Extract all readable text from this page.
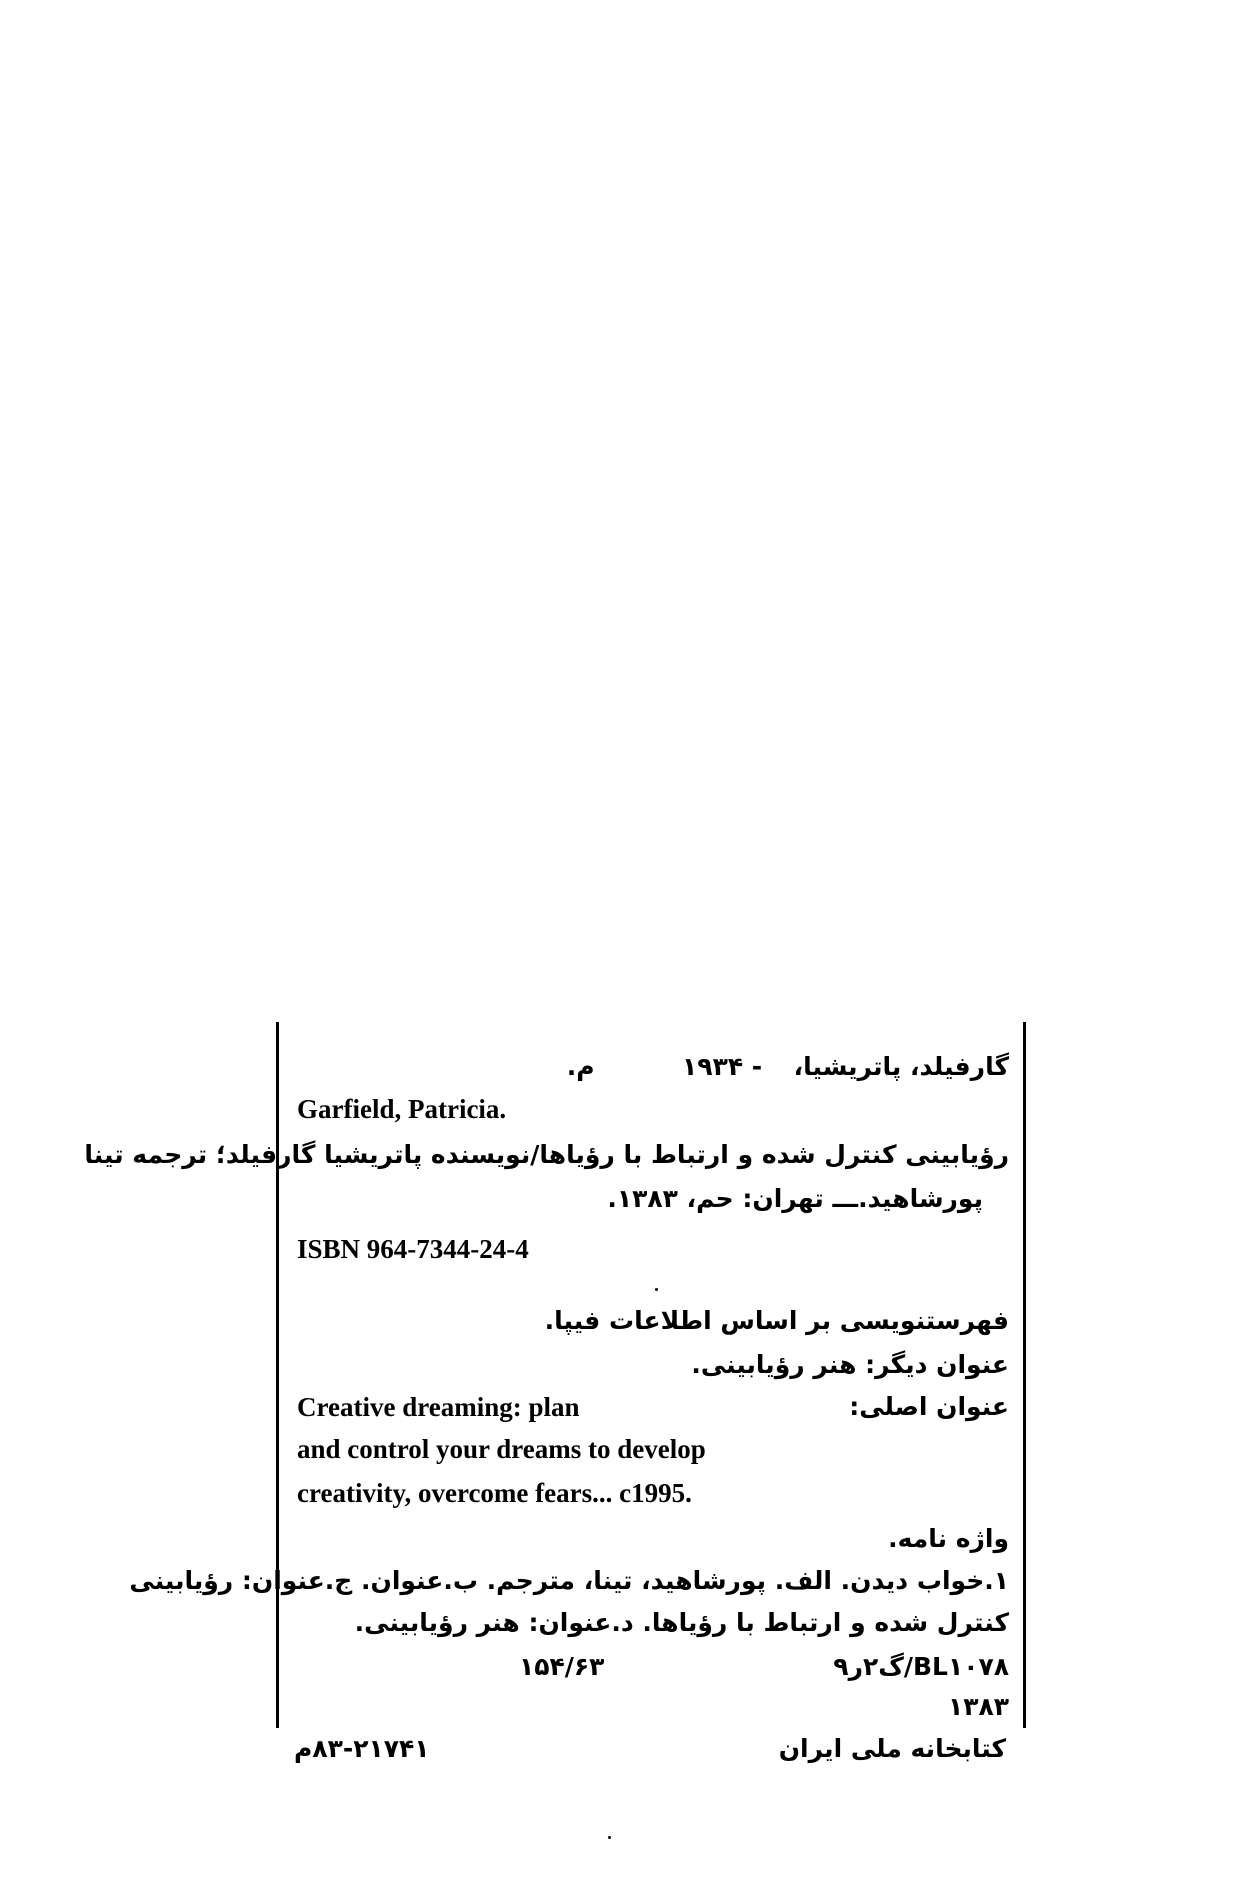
گارفیلد، پاتریشیا،  - ۱۹۳۴  م.
Garfield, Patricia.
رؤیابینی کنترل شده و ارتباط با رؤیاها/نویسنده پاتریشیا گارفیلد؛ ترجمه تینا
پورشاهید.ـــ تهران: حم، ۱۳۸۳.
ISBN 964-7344-24-4
فهرستنویسی بر اساس اطلاعات فیپا.
عنوان دیگر: هنر رؤیابینی.
عنوان اصلی:
Creative dreaming: plan
and control your dreams to develop
creativity, overcome fears... c1995.
واژه نامه.
۱.خواب دیدن. الف. پورشاهید، تینا، مترجم. ب.عنوان. ج.عنوان: رؤیابینی
کنترل شده و ارتباط با رؤیاها. د.عنوان: هنر رؤیابینی.
BL۱۰۷۸/گ۲ر۹
۱۵۴/۶۳
۱۳۸۳
کتابخانه ملی ایران
۸۳-۲۱۷۴۱م
